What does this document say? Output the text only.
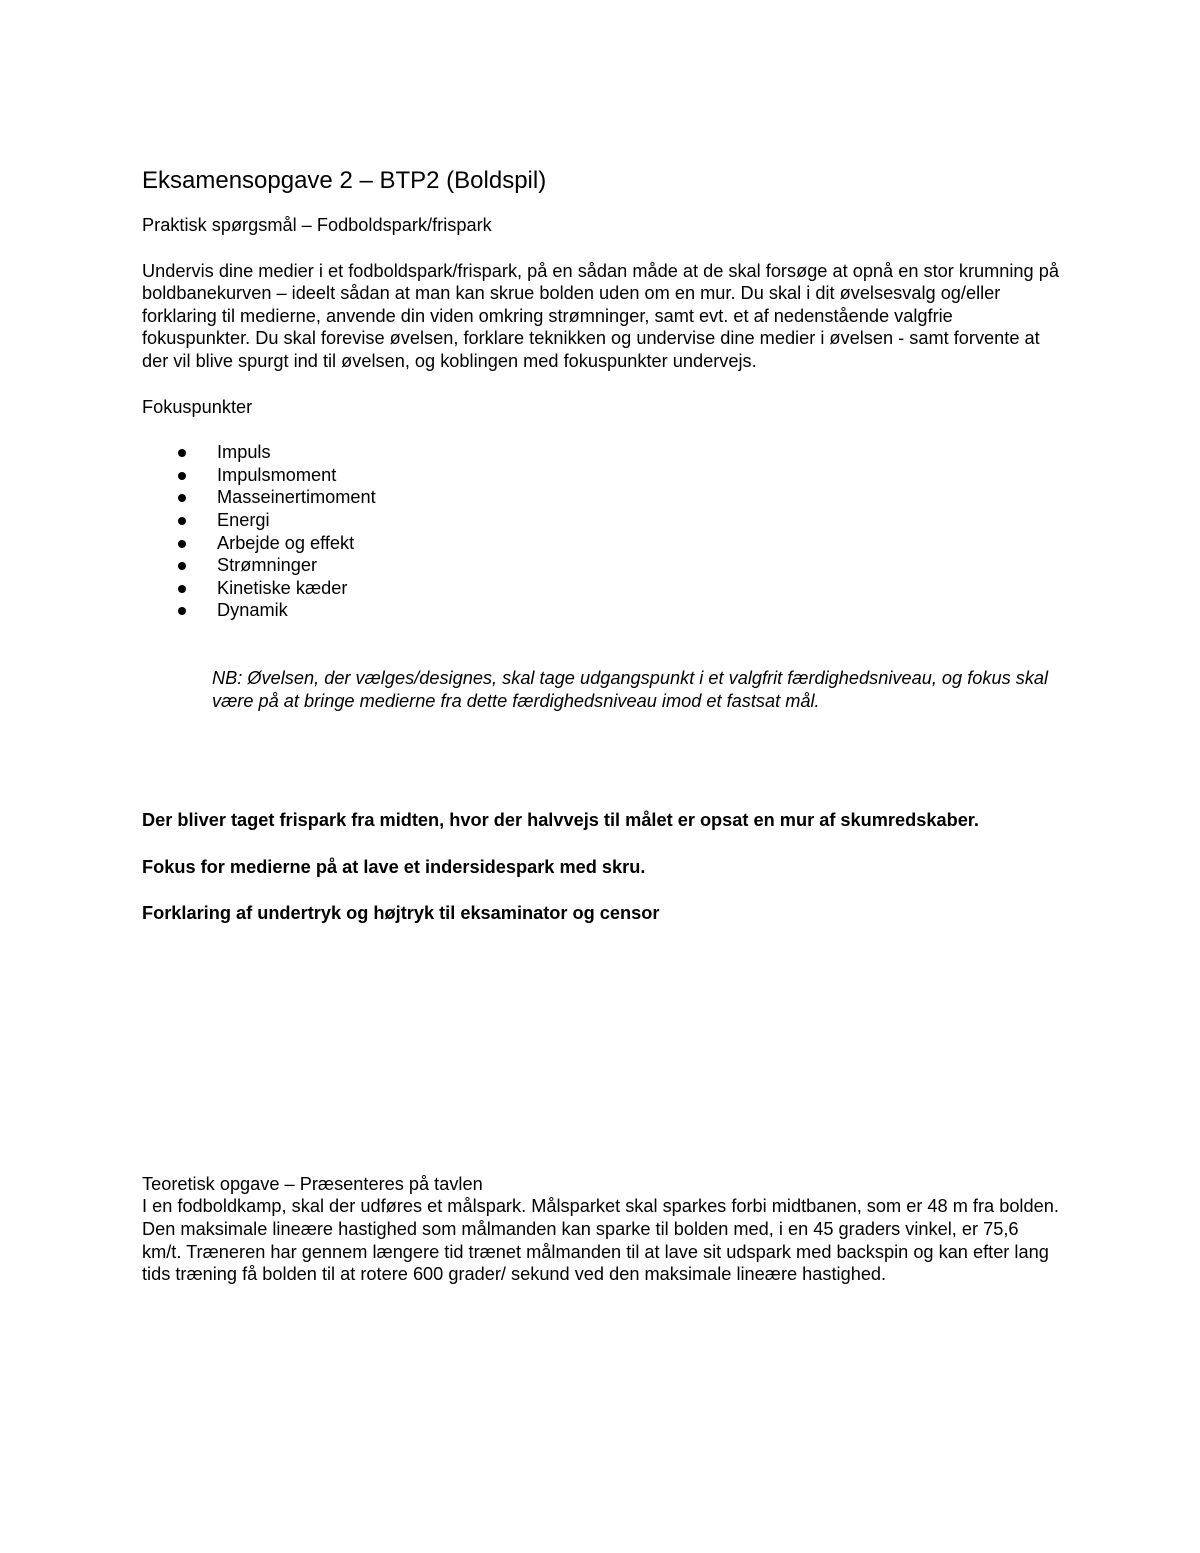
Eksamensopgave 2 – BTP2 (Boldspil)

Praktisk spørgsmål – Fodboldspark/frispark

Undervis dine medier i et fodboldspark/frispark, på en sådan måde at de skal forsøge at opnå en stor krumning på boldbanekurven – ideelt sådan at man kan skrue bolden uden om en mur. Du skal i dit øvelsesvalg og/eller forklaring til medierne, anvende din viden omkring strømninger, samt evt. et af nedenstående valgfrie fokuspunkter. Du skal forevise øvelsen, forklare teknikken og undervise dine medier i øvelsen - samt forvente at der vil blive spurgt ind til øvelsen, og koblingen med fokuspunkter undervejs.

Fokuspunkter

Impuls
Impulsmoment
Masseinertimoment
Energi
Arbejde og effekt
Strømninger
Kinetiske kæder
Dynamik

NB: Øvelsen, der vælges/designes, skal tage udgangspunkt i et valgfrit færdighedsniveau, og fokus skal være på at bringe medierne fra dette færdighedsniveau imod et fastsat mål.

Der bliver taget frispark fra midten, hvor der halvvejs til målet er opsat en mur af skumredskaber.

Fokus for medierne på at lave et indersidespark med skru.

Forklaring af undertryk og højtryk til eksaminator og censor

Teoretisk opgave – Præsenteres på tavlen

I en fodboldkamp, skal der udføres et målspark. Målsparket skal sparkes forbi midtbanen, som er 48 m fra bolden. Den maksimale lineære hastighed som målmanden kan sparke til bolden med, i en 45 graders vinkel, er 75,6 km/t. Træneren har gennem længere tid trænet målmanden til at lave sit udspark med backspin og kan efter lang tids træning få bolden til at rotere 600 grader/ sekund ved den maksimale lineære hastighed.
